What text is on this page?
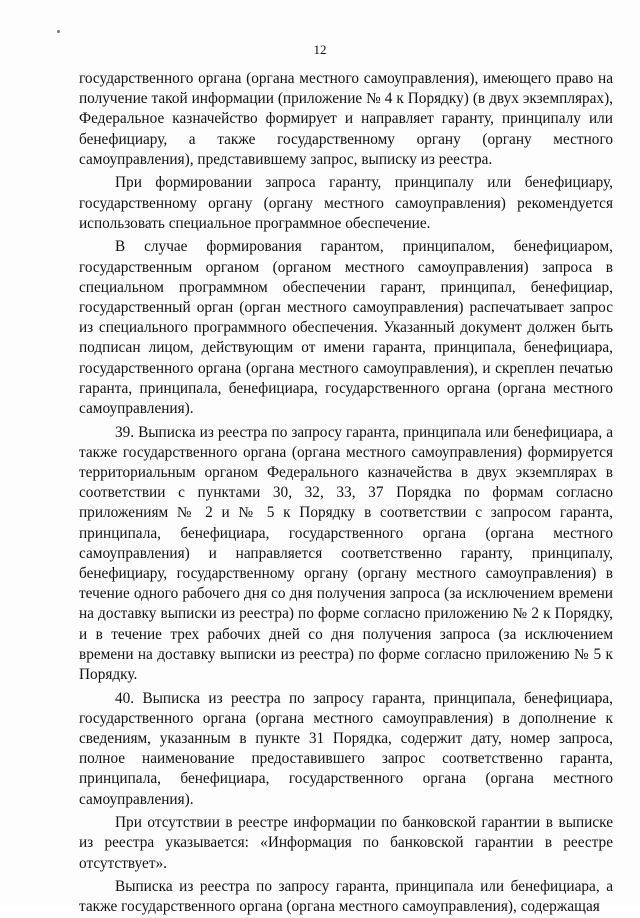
12

государственного органа (органа местного самоуправления), имеющего право на получение такой информации (приложение № 4 к Порядку) (в двух экземплярах), Федеральное казначейство формирует и направляет гаранту, принципалу или бенефициару, а также государственному органу (органу местного самоуправления), представившему запрос, выписку из реестра.

При формировании запроса гаранту, принципалу или бенефициару, государственному органу (органу местного самоуправления) рекомендуется использовать специальное программное обеспечение.

В случае формирования гарантом, принципалом, бенефициаром, государственным органом (органом местного самоуправления) запроса в специальном программном обеспечении гарант, принципал, бенефициар, государственный орган (орган местного самоуправления) распечатывает запрос из специального программного обеспечения. Указанный документ должен быть подписан лицом, действующим от имени гаранта, принципала, бенефициара, государственного органа (органа местного самоуправления), и скреплен печатью гаранта, принципала, бенефициара, государственного органа (органа местного самоуправления).

39. Выписка из реестра по запросу гаранта, принципала или бенефициара, а также государственного органа (органа местного самоуправления) формируется территориальным органом Федерального казначейства в двух экземплярах в соответствии с пунктами 30, 32, 33, 37 Порядка по формам согласно приложениям № 2 и № 5 к Порядку в соответствии с запросом гаранта, принципала, бенефициара, государственного органа (органа местного самоуправления) и направляется соответственно гаранту, принципалу, бенефициару, государственному органу (органу местного самоуправления) в течение одного рабочего дня со дня получения запроса (за исключением времени на доставку выписки из реестра) по форме согласно приложению № 2 к Порядку, и в течение трех рабочих дней со дня получения запроса (за исключением времени на доставку выписки из реестра) по форме согласно приложению № 5 к Порядку.

40. Выписка из реестра по запросу гаранта, принципала, бенефициара, государственного органа (органа местного самоуправления) в дополнение к сведениям, указанным в пункте 31 Порядка, содержит дату, номер запроса, полное наименование предоставившего запрос соответственно гаранта, принципала, бенефициара, государственного органа (органа местного самоуправления).

При отсутствии в реестре информации по банковской гарантии в выписке из реестра указывается: «Информация по банковской гарантии в реестре отсутствует».

Выписка из реестра по запросу гаранта, принципала или бенефициара, а также государственного органа (органа местного самоуправления), содержащая
